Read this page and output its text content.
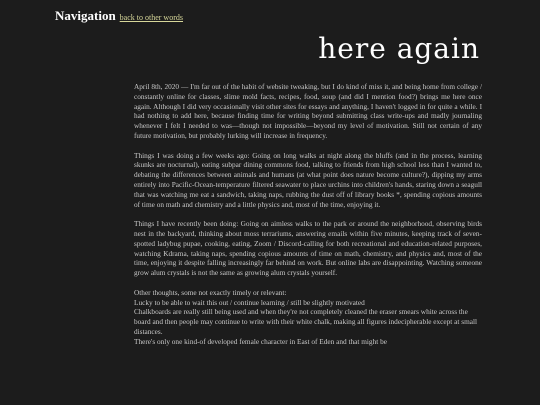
Navigation back to other words
here again

April 8th, 2020 — I'm far out of the habit of website tweaking, but I do kind of miss it, and being home from college / constantly online for classes, slime mold facts, recipes, food, soup (and did I mention food?) brings me here once again. Although I did very occasionally visit other sites for essays and anything, I haven't logged in for quite a while. I had nothing to add here, because finding time for writing beyond submitting class write-ups and madly journaling whenever I felt I needed to was—though not impossible—beyond my level of motivation. Still not certain of any future motivation, but probably lurking will increase in frequency.

Things I was doing a few weeks ago: Going on long walks at night along the bluffs (and in the process, learning skunks are nocturnal), eating subpar dining commons food, talking to friends from high school less than I wanted to, debating the differences between animals and humans (at what point does nature become culture?), dipping my arms entirely into Pacific-Ocean-temperature filtered seawater to place urchins into children's hands, staring down a seagull that was watching me eat a sandwich, taking naps, rubbing the dust off of library books *, spending copious amounts of time on math and chemistry and a little physics and, most of the time, enjoying it.

Things I have recently been doing: Going on aimless walks to the park or around the neighborhood, observing birds nest in the backyard, thinking about moss terrariums, answering emails within five minutes, keeping track of seven-spotted ladybug pupae, cooking, eating, Zoom / Discord-calling for both recreational and education-related purposes, watching Kdrama, taking naps, spending copious amounts of time on math, chemistry, and physics and, most of the time, enjoying it despite falling increasingly far behind on work. But online labs are disappointing. Watching someone grow alum crystals is not the same as growing alum crystals yourself.

Other thoughts, some not exactly timely or relevant:
Lucky to be able to wait this out / continue learning / still be slightly motivated
Chalkboards are really still being used and when they're not completely cleaned the eraser smears white across the board and then people may continue to write with their white chalk, making all figures indecipherable except at small distances.
There's only one kind-of developed female character in East of Eden and that might be
